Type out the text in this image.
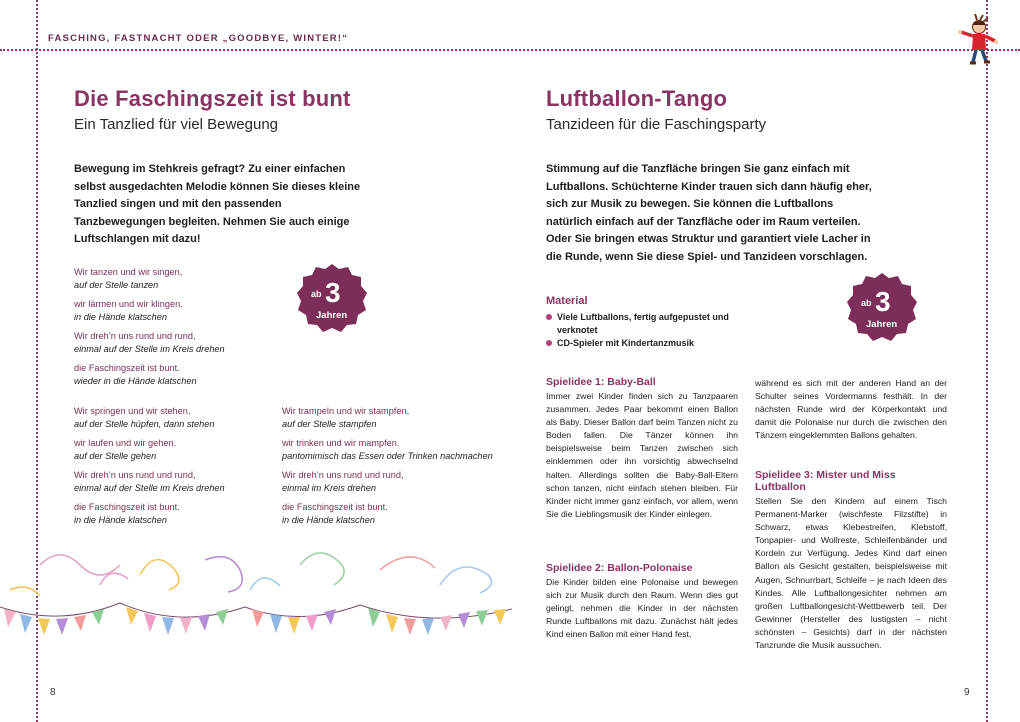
FASCHING, FASTNACHT ODER „GOODBYE, WINTER!“
Die Faschingszeit ist bunt
Ein Tanzlied für viel Bewegung
Bewegung im Stehkreis gefragt? Zu einer einfachen selbst ausgedachten Melodie können Sie dieses kleine Tanzlied singen und mit den passenden Tanzbewegungen begleiten. Nehmen Sie auch einige Luftschlangen mit dazu!
ab 3
Jahren
Wir tanzen und wir singen,
auf der Stelle tanzen
wir lärmen und wir klingen.
in die Hände klatschen
Wir dreh’n uns rund und rund,
einmal auf der Stelle im Kreis drehen
die Faschingszeit ist bunt.
wieder in die Hände klatschen
Wir springen und wir stehen,
auf der Stelle hüpfen, dann stehen
wir laufen und wir gehen.
auf der Stelle gehen
Wir dreh’n uns rund und rund,
einmal auf der Stelle im Kreis drehen
die Faschingszeit ist bunt.
in die Hände klatschen
Wir trampeln und wir stampfen,
auf der Stelle stampfen
wir trinken und wir mampfen.
pantomimisch das Essen oder Trinken nachmachen
Wir dreh’n uns rund und rund,
einmal im Kreis drehen
die Faschingszeit ist bunt.
in die Hände klatschen
8
Luftballon-Tango
Tanzideen für die Faschingsparty
Stimmung auf die Tanzfläche bringen Sie ganz einfach mit Luftballons. Schüchterne Kinder trauen sich dann häufig eher, sich zur Musik zu bewegen. Sie können die Luftballons natürlich einfach auf der Tanzfläche oder im Raum verteilen. Oder Sie bringen etwas Struktur und garantiert viele Lacher in die Runde, wenn Sie diese Spiel- und Tanzideen vorschlagen.
ab 3
Jahren
Material
Viele Luftballons, fertig aufgepustet und verknotet
CD-Spieler mit Kindertanzmusik
Spielidee 1: Baby-Ball
Immer zwei Kinder finden sich zu Tanzpaaren zusammen. Jedes Paar bekommt einen Ballon als Baby. Dieser Ballon darf beim Tanzen nicht zu Boden fallen. Die Tänzer können ihn beispielsweise beim Tanzen zwischen sich einklemmen oder ihn vorsichtig abwechselnd halten. Allerdings sollten die Baby-Ball-Eltern schon tanzen, nicht einfach stehen bleiben. Für Kinder nicht immer ganz einfach, vor allem, wenn Sie die Lieblingsmusik der Kinder einlegen.
Spielidee 2: Ballon-Polonaise
Die Kinder bilden eine Polonaise und bewegen sich zur Musik durch den Raum. Wenn dies gut gelingt, nehmen die Kinder in der nächsten Runde Luftballons mit dazu. Zunächst hält jedes Kind einen Ballon mit einer Hand fest,
während es sich mit der anderen Hand an der Schulter seines Vordermanns festhält. In der nächsten Runde wird der Körperkontakt und damit die Polonaise nur durch die zwischen den Tänzern eingeklemmten Ballons gehalten.
Spielidee 3: Mister und Miss Luftballon
Stellen Sie den Kindern auf einem Tisch Permanent-Marker (wischfeste Filzstifte) in Schwarz, etwas Klebestreifen, Klebstoff, Tonpapier- und Wollreste, Schleifenbänder und Kordeln zur Verfügung. Jedes Kind darf einen Ballon als Gesicht gestalten, beispielsweise mit Augen, Schnurrbart, Schleife – je nach Ideen des Kindes. Alle Luftballongesichter nehmen am großen Luftballongesicht-Wettbewerb teil. Der Gewinner (Hersteller des lustigsten – nicht schönsten – Gesichts) darf in der nächsten Tanzrunde die Musik aussuchen.
9
